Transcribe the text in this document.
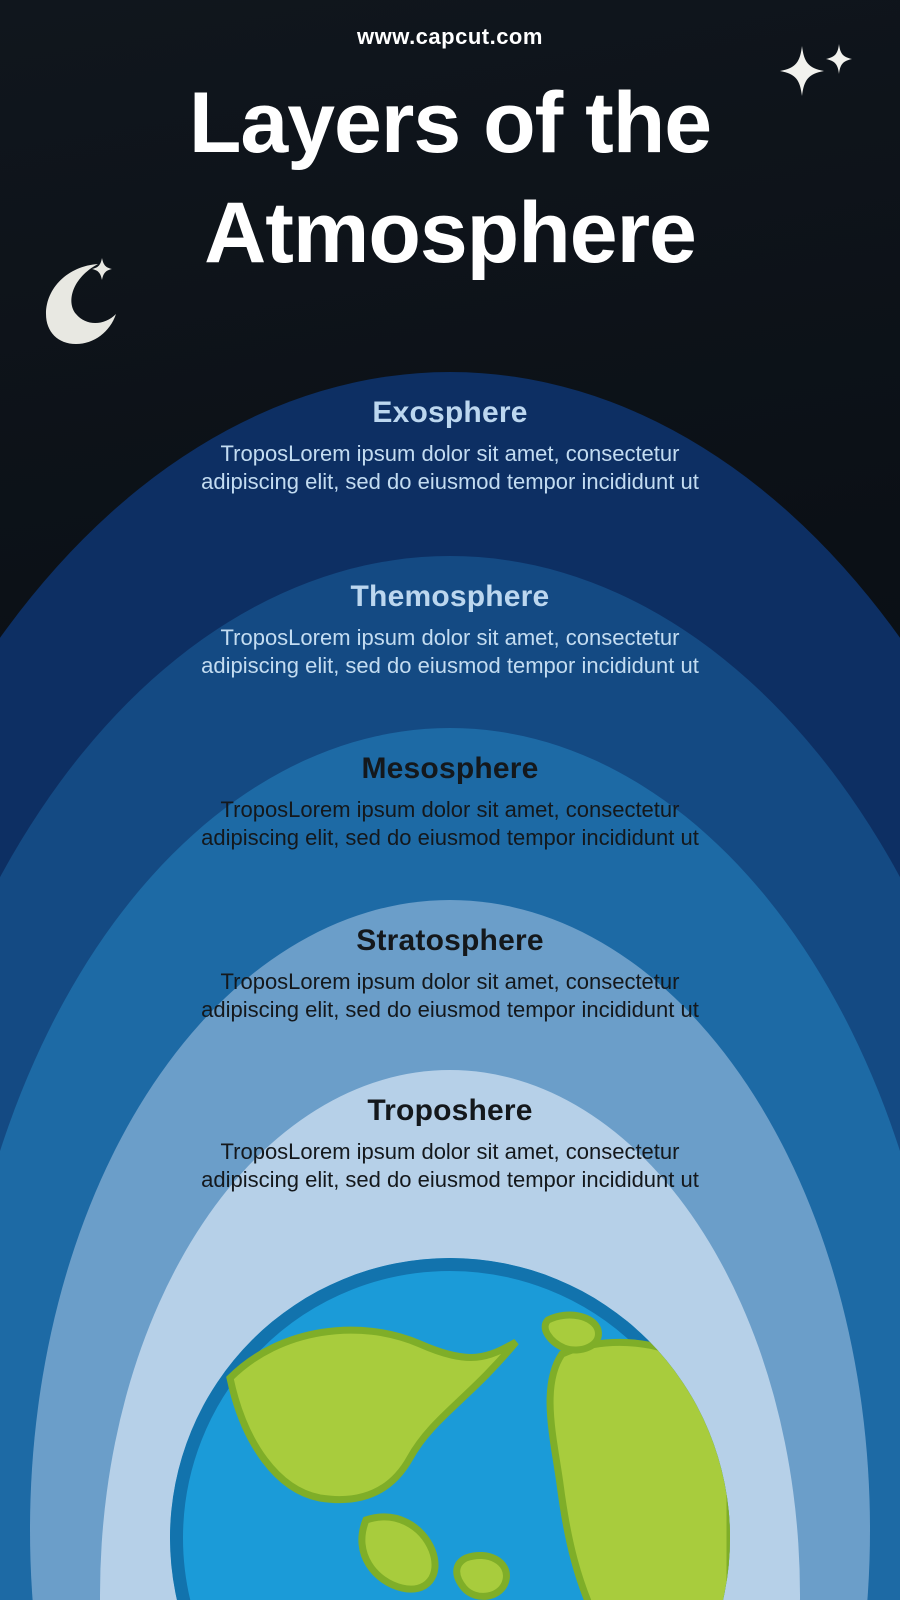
www.capcut.com
Layers of the
Atmosphere

Exosphere

TroposLorem ipsum dolor sit amet, consectetur adipiscing elit, sed do eiusmod tempor incididunt ut

Themosphere

TroposLorem ipsum dolor sit amet, consectetur adipiscing elit, sed do eiusmod tempor incididunt ut

Mesosphere

TroposLorem ipsum dolor sit amet, consectetur adipiscing elit, sed do eiusmod tempor incididunt ut

Stratosphere

TroposLorem ipsum dolor sit amet, consectetur adipiscing elit, sed do eiusmod tempor incididunt ut

Troposhere

TroposLorem ipsum dolor sit amet, consectetur adipiscing elit, sed do eiusmod tempor incididunt ut
